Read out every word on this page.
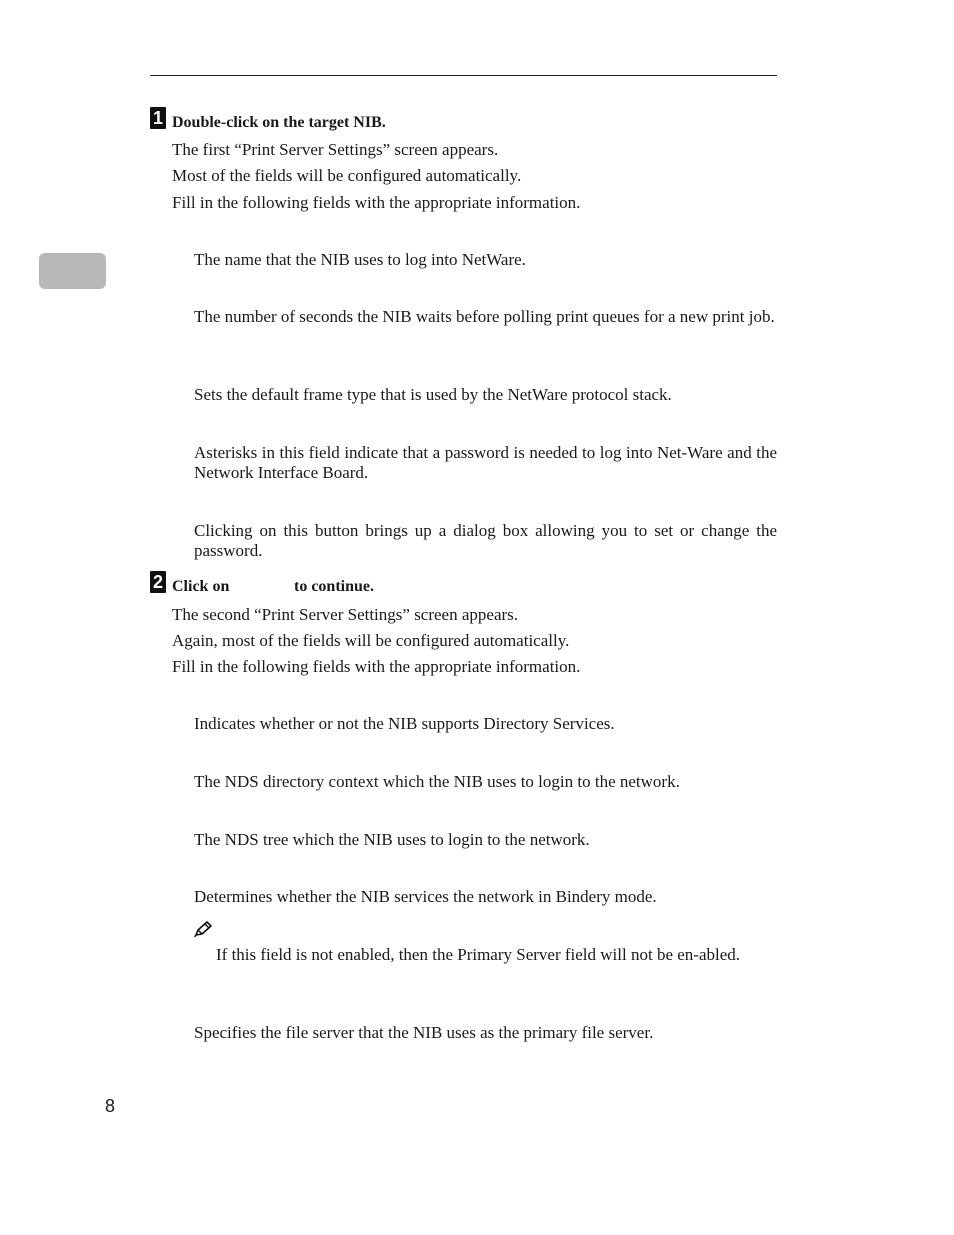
1 Double-click on the target NIB.
The first “Print Server Settings” screen appears.
Most of the fields will be configured automatically.
Fill in the following fields with the appropriate information.
The name that the NIB uses to log into NetWare.
The number of seconds the NIB waits before polling print queues for a new print job.
Sets the default frame type that is used by the NetWare protocol stack.
Asterisks in this field indicate that a password is needed to log into Net-Ware and the Network Interface Board.
Clicking on this button brings up a dialog box allowing you to set or change the password.
2 Click on	to continue.
The second “Print Server Settings” screen appears.
Again, most of the fields will be configured automatically.
Fill in the following fields with the appropriate information.
Indicates whether or not the NIB supports Directory Services.
The NDS directory context which the NIB uses to login to the network.
The NDS tree which the NIB uses to login to the network.
Determines whether the NIB services the network in Bindery mode.
If this field is not enabled, then the Primary Server field will not be en-abled.
Specifies the file server that the NIB uses as the primary file server.
8
